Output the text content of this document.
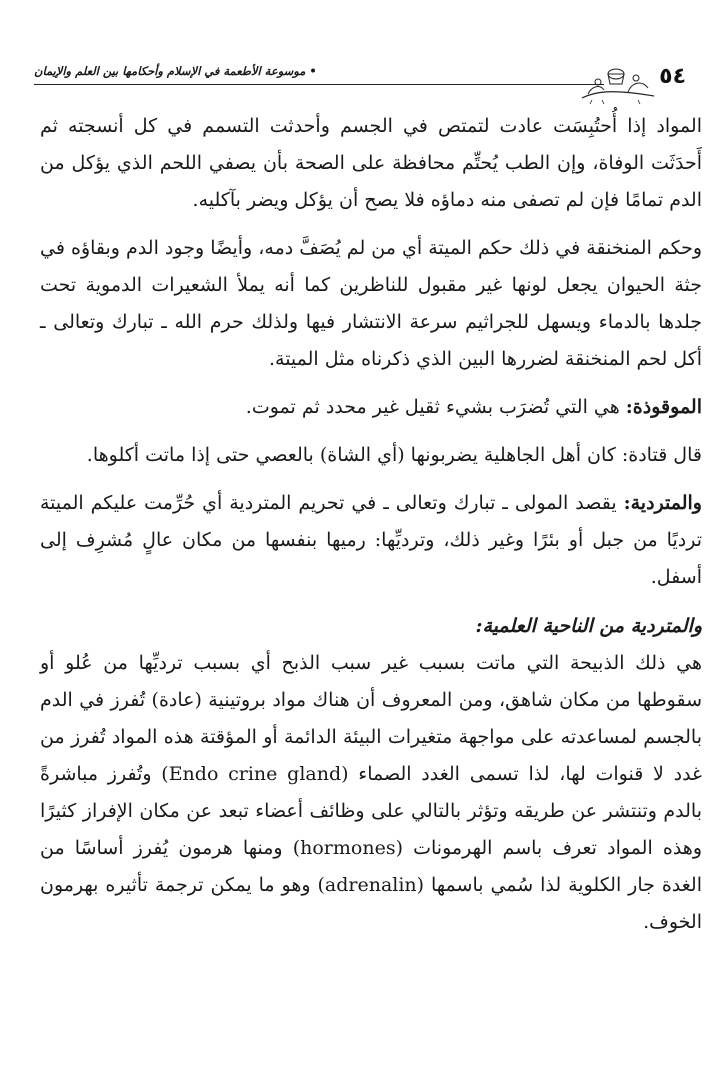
٥٤
• موسوعة الأطعمة في الإسلام وأحكامها بين العلم والإيمان

المواد إذا أُحتُبِسَت عادت لتمتص في الجسم وأحدثت التسمم في كل أنسجته ثم أَحدَثَت الوفاة، وإن الطب يُحتِّم محافظة على الصحة بأن يصفي اللحم الذي يؤكل من الدم تمامًا فإن لم تصفى منه دماؤه فلا يصح أن يؤكل ويضر بآكليه.

وحكم المنخنقة في ذلك حكم الميتة أي من لم يُصَفَّ دمه، وأيضًا وجود الدم وبقاؤه في جثة الحيوان يجعل لونها غير مقبول للناظرين كما أنه يملأ الشعيرات الدموية تحت جلدها بالدماء ويسهل للجراثيم سرعة الانتشار فيها ولذلك حرم الله ـ تبارك وتعالى ـ أكل لحم المنخنقة لضررها البين الذي ذكرناه مثل الميتة.

الموقوذة: هي التي تُضرَب بشيء ثقيل غير محدد ثم تموت.

قال قتادة: كان أهل الجاهلية يضربونها (أي الشاة) بالعصي حتى إذا ماتت أكلوها.

والمتردية: يقصد المولى ـ تبارك وتعالى ـ في تحريم المتردية أي حُرِّمت عليكم الميتة ترديًا من جبل أو بئرًا وغير ذلك، وترديِّها: رميها بنفسها من مكان عالٍ مُشرِف إلى أسفل.

والمتردية من الناحية العلمية:

هي ذلك الذبيحة التي ماتت بسبب غير سبب الذبح أي بسبب ترديِّها من عُلو أو سقوطها من مكان شاهق، ومن المعروف أن هناك مواد بروتينية (عادة) تُفرز في الدم بالجسم لمساعدته على مواجهة متغيرات البيئة الدائمة أو المؤقتة هذه المواد تُفرز من غدد لا قنوات لها، لذا تسمى الغدد الصماء (Endo crine gland) وتُفرز مباشرةً بالدم وتنتشر عن طريقه وتؤثر بالتالي على وظائف أعضاء تبعد عن مكان الإفراز كثيرًا وهذه المواد تعرف باسم الهرمونات (hormones) ومنها هرمون يُفرز أساسًا من الغدة جار الكلوية لذا سُمي باسمها (adrenalin) وهو ما يمكن ترجمة تأثيره بهرمون الخوف.
